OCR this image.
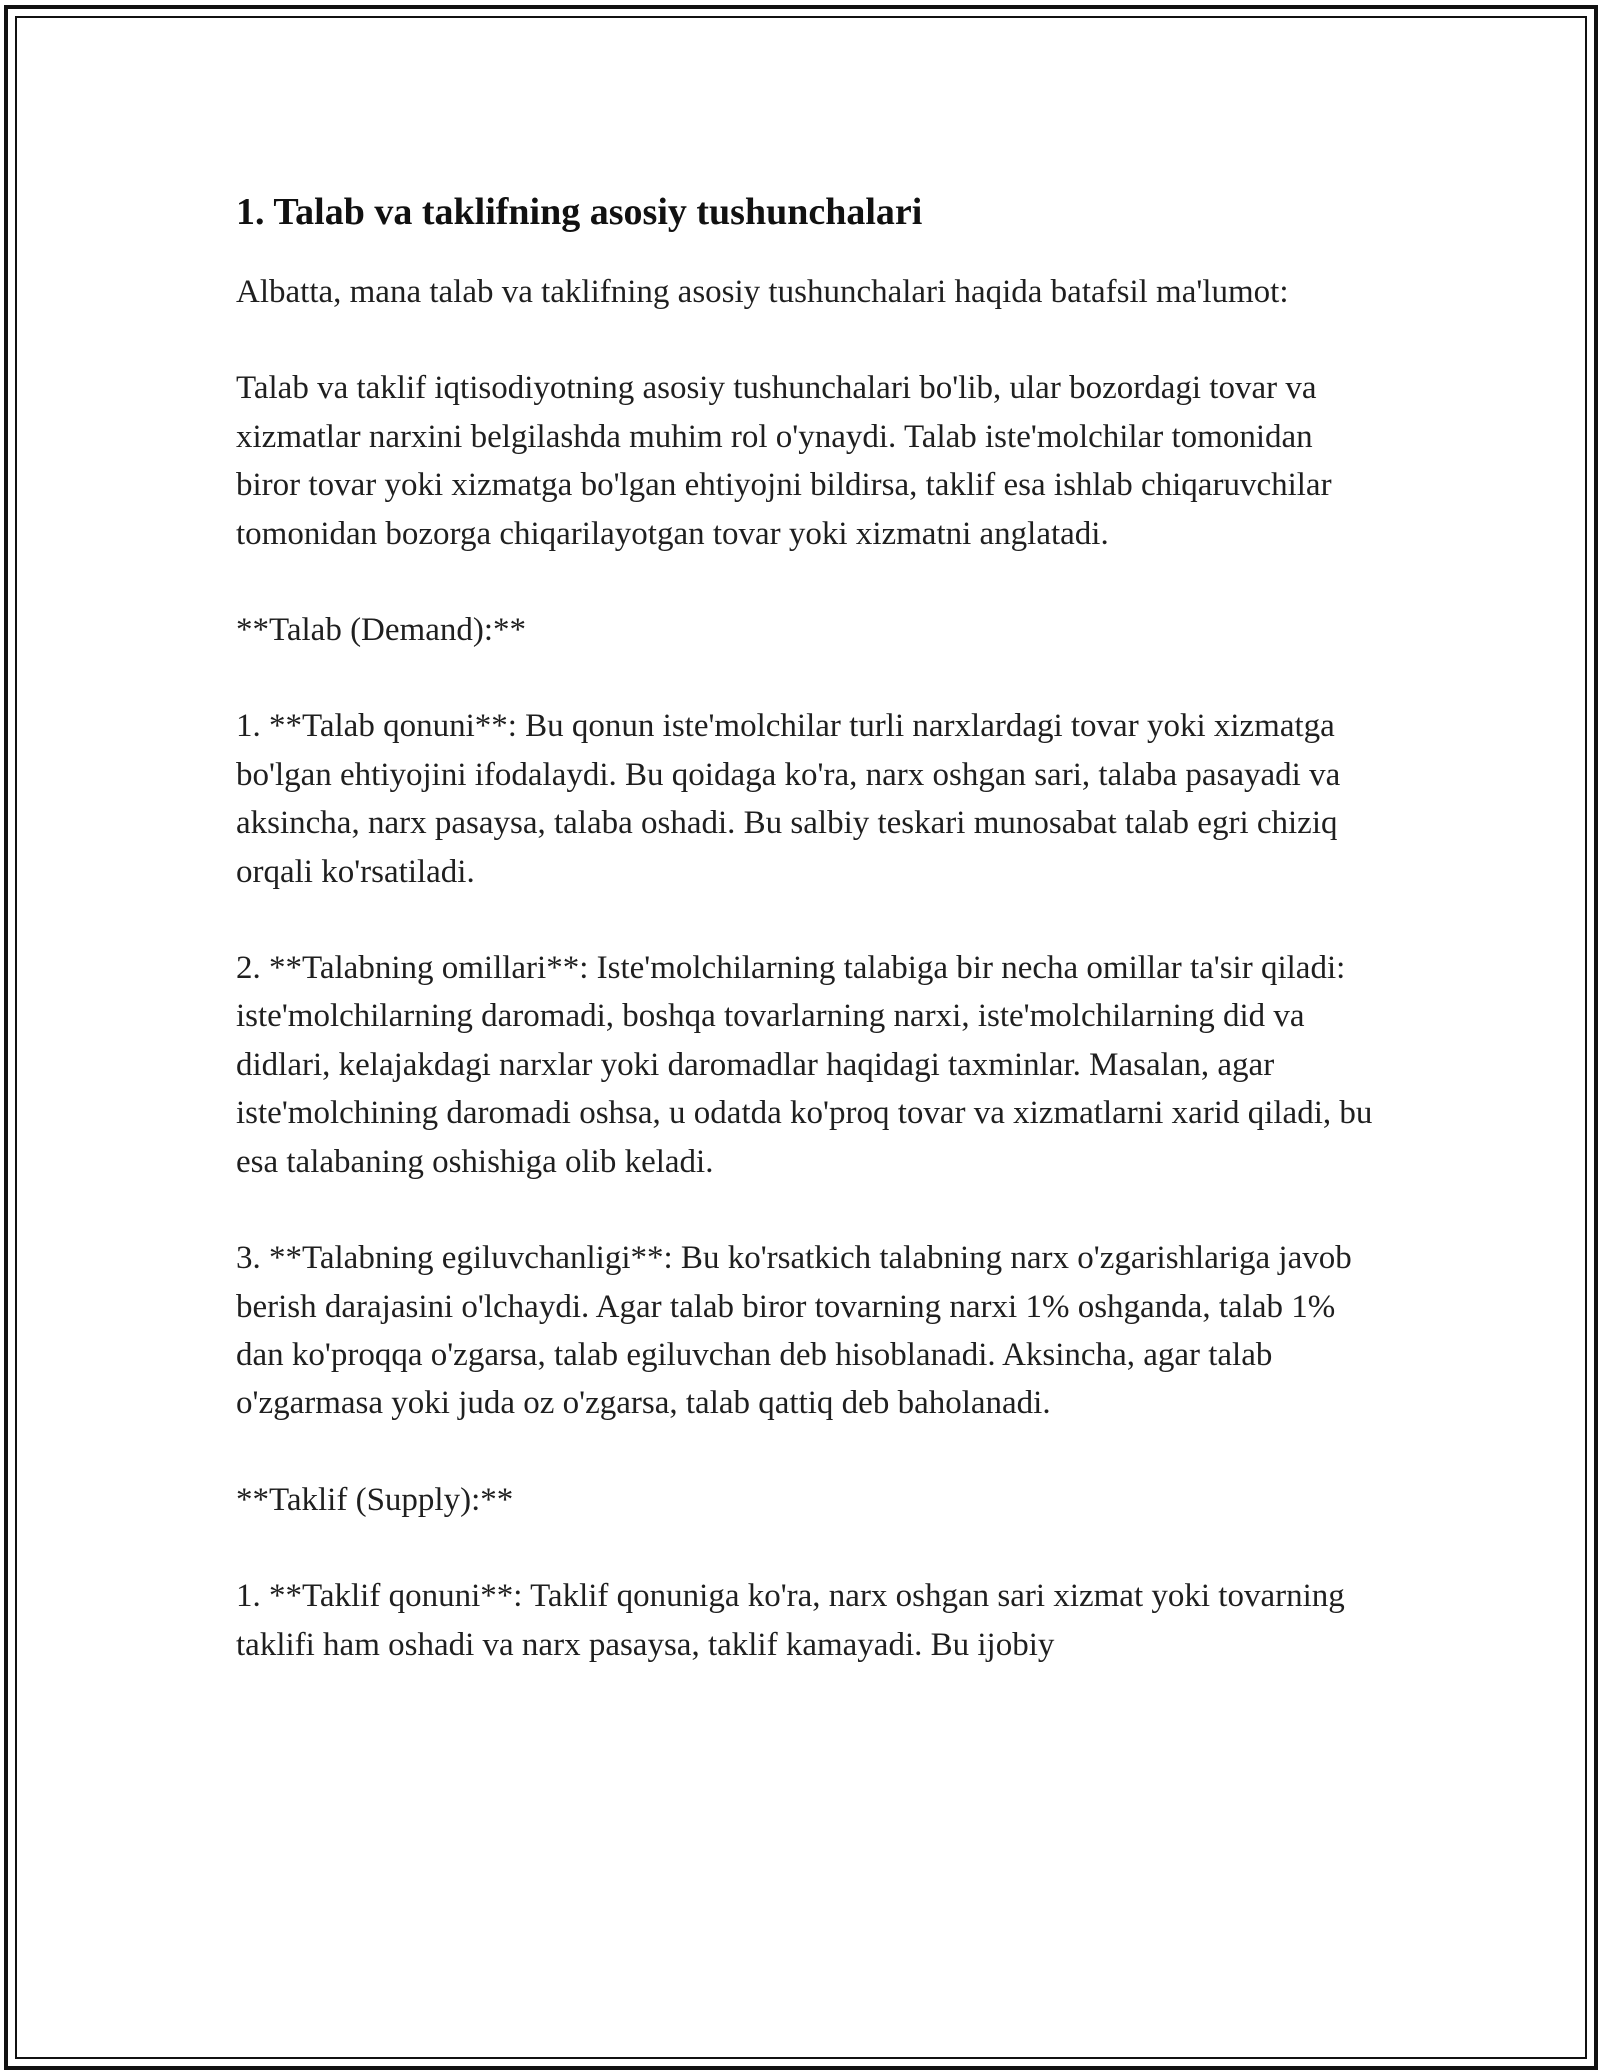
1. Talab va taklifning asosiy tushunchalari

Albatta, mana talab va taklifning asosiy tushunchalari haqida batafsil ma'lumot:

Talab va taklif iqtisodiyotning asosiy tushunchalari bo'lib, ular bozordagi tovar va xizmatlar narxini belgilashda muhim rol o'ynaydi. Talab iste'molchilar tomonidan biror tovar yoki xizmatga bo'lgan ehtiyojni bildirsa, taklif esa ishlab chiqaruvchilar tomonidan bozorga chiqarilayotgan tovar yoki xizmatni anglatadi.

**Talab (Demand):**

1. **Talab qonuni**: Bu qonun iste'molchilar turli narxlardagi tovar yoki xizmatga bo'lgan ehtiyojini ifodalaydi. Bu qoidaga ko'ra, narx oshgan sari, talaba pasayadi va aksincha, narx pasaysa, talaba oshadi. Bu salbiy teskari munosabat talab egri chiziq orqali ko'rsatiladi.

2. **Talabning omillari**: Iste'molchilarning talabiga bir necha omillar ta'sir qiladi: iste'molchilarning daromadi, boshqa tovarlarning narxi, iste'molchilarning did va didlari, kelajakdagi narxlar yoki daromadlar haqidagi taxminlar. Masalan, agar iste'molchining daromadi oshsa, u odatda ko'proq tovar va xizmatlarni xarid qiladi, bu esa talabaning oshishiga olib keladi.

3. **Talabning egiluvchanligi**: Bu ko'rsatkich talabning narx o'zgarishlariga javob berish darajasini o'lchaydi. Agar talab biror tovarning narxi 1% oshganda, talab 1% dan ko'proqqa o'zgarsa, talab egiluvchan deb hisoblanadi. Aksincha, agar talab o'zgarmasa yoki juda oz o'zgarsa, talab qattiq deb baholanadi.

**Taklif (Supply):**

1. **Taklif qonuni**: Taklif qonuniga ko'ra, narx oshgan sari xizmat yoki tovarning taklifi ham oshadi va narx pasaysa, taklif kamayadi. Bu ijobiy
